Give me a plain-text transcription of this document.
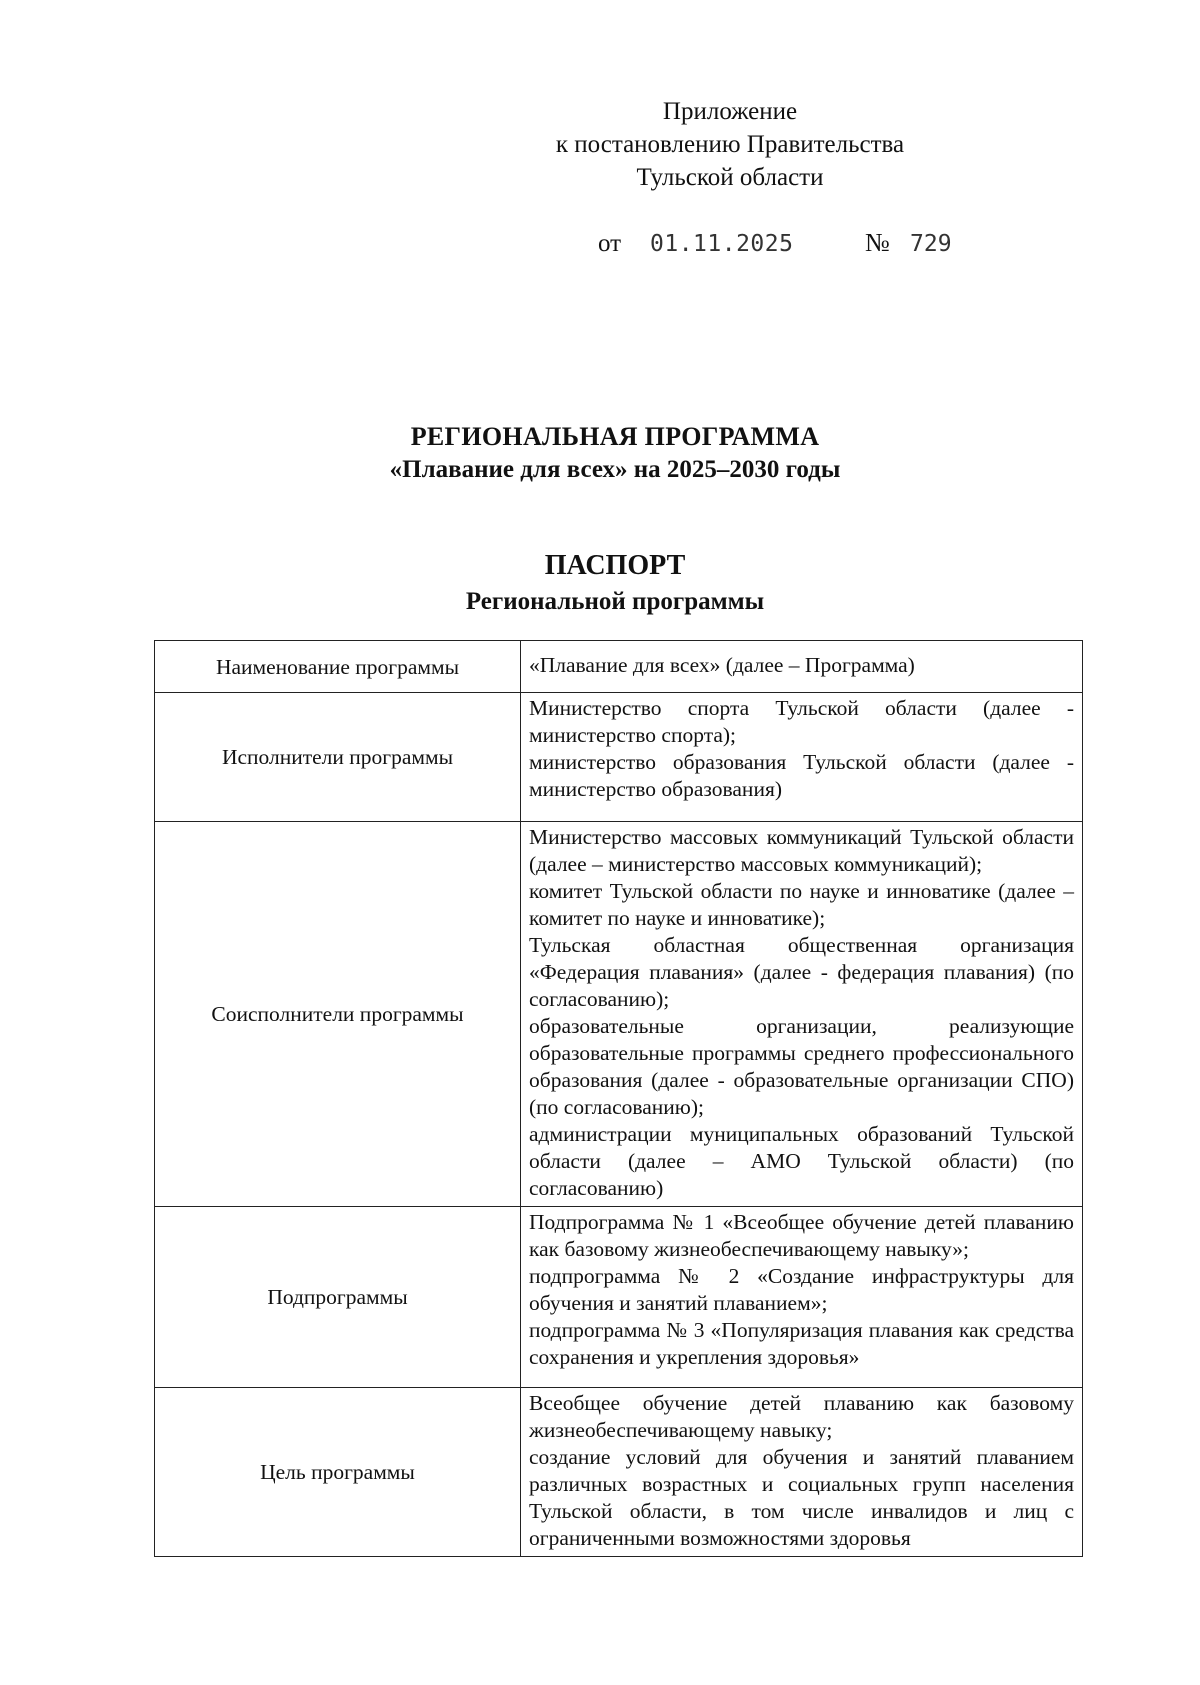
Приложение
к постановлению Правительства
Тульской области
от	01.11.2025	№ 729
РЕГИОНАЛЬНАЯ ПРОГРАММА
«Плавание для всех» на 2025–2030 годы
ПАСПОРТ
Региональной программы
Наименование программы	«Плавание для всех» (далее – Программа)

Исполнители программы	Министерство спорта Тульской области (далее - министерство спорта);
министерство образования Тульской области (далее - министерство образования)

Соисполнители программы	Министерство массовых коммуникаций Тульской области (далее – министерство массовых коммуникаций);
комитет Тульской области по науке и инноватике (далее – комитет по науке и инноватике);
Тульская областная общественная организация «Федерация плавания» (далее - федерация плавания) (по согласованию);
образовательные организации, реализующие образовательные программы среднего профессионального образования (далее - образовательные организации СПО) (по согласованию);
администрации муниципальных образований Тульской области (далее – АМО Тульской области) (по согласованию)

Подпрограммы	Подпрограмма № 1 «Всеобщее обучение детей плаванию как базовому жизнеобеспечивающему навыку»;
подпрограмма № 2 «Создание инфраструктуры для обучения и занятий плаванием»;
подпрограмма № 3 «Популяризация плавания как средства сохранения и укрепления здоровья»

Цель программы	Всеобщее обучение детей плаванию как базовому жизнеобеспечивающему навыку;
создание условий для обучения и занятий плаванием различных возрастных и социальных групп населения Тульской области, в том числе инвалидов и лиц с ограниченными возможностями здоровья
